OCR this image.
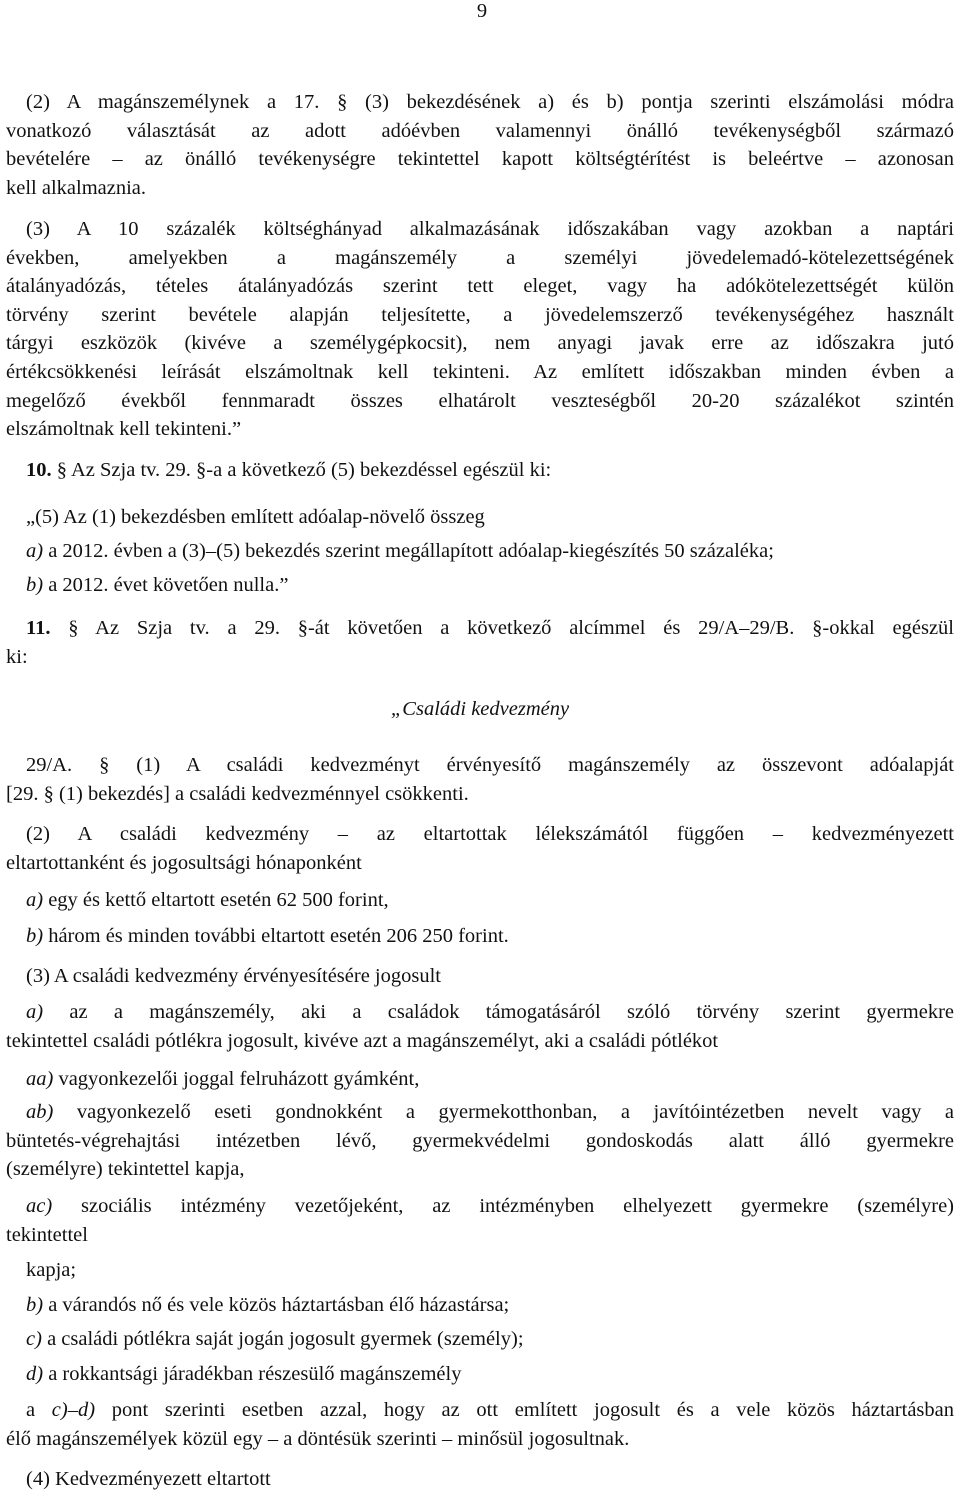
9
(2) A magánszemélynek a 17. § (3) bekezdésének a) és b) pontja szerinti elszámolási módra
vonatkozó választását az adott adóévben valamennyi önálló tevékenységből származó
bevételére – az önálló tevékenységre tekintettel kapott költségtérítést is beleértve – azonosan
kell alkalmaznia.
(3) A 10 százalék költséghányad alkalmazásának időszakában vagy azokban a naptári
években, amelyekben a magánszemély a személyi jövedelemadó-kötelezettségének
átalányadózás, tételes átalányadózás szerint tett eleget, vagy ha adókötelezettségét külön
törvény szerint bevétele alapján teljesítette, a jövedelemszerző tevékenységéhez használt
tárgyi eszközök (kivéve a személygépkocsit), nem anyagi javak erre az időszakra jutó
értékcsökkenési leírását elszámoltnak kell tekinteni. Az említett időszakban minden évben a
megelőző évekből fennmaradt összes elhatárolt veszteségből 20-20 százalékot szintén
elszámoltnak kell tekinteni.”
10. § Az Szja tv. 29. §-a a következő (5) bekezdéssel egészül ki:
„(5) Az (1) bekezdésben említett adóalap-növelő összeg
a) a 2012. évben a (3)–(5) bekezdés szerint megállapított adóalap-kiegészítés 50 százaléka;
b) a 2012. évet követően nulla.”
11. § Az Szja tv. a 29. §-át követően a következő alcímmel és 29/A–29/B. §-okkal egészül
ki:
„Családi kedvezmény
29/A. § (1) A családi kedvezményt érvényesítő magánszemély az összevont adóalapját
[29. § (1) bekezdés] a családi kedvezménnyel csökkenti.
(2) A családi kedvezmény – az eltartottak lélekszámától függően – kedvezményezett
eltartottanként és jogosultsági hónaponként
a) egy és kettő eltartott esetén 62 500 forint,
b) három és minden további eltartott esetén 206 250 forint.
(3) A családi kedvezmény érvényesítésére jogosult
a) az a magánszemély, aki a családok támogatásáról szóló törvény szerint gyermekre
tekintettel családi pótlékra jogosult, kivéve azt a magánszemélyt, aki a családi pótlékot
aa) vagyonkezelői joggal felruházott gyámként,
ab) vagyonkezelő eseti gondnokként a gyermekotthonban, a javítóintézetben nevelt vagy a
büntetés-végrehajtási intézetben lévő, gyermekvédelmi gondoskodás alatt álló gyermekre
(személyre) tekintettel kapja,
ac) szociális intézmény vezetőjeként, az intézményben elhelyezett gyermekre (személyre)
tekintettel
kapja;
b) a várandós nő és vele közös háztartásban élő házastársa;
c) a családi pótlékra saját jogán jogosult gyermek (személy);
d) a rokkantsági járadékban részesülő magánszemély
a c)–d) pont szerinti esetben azzal, hogy az ott említett jogosult és a vele közös háztartásban
élő magánszemélyek közül egy – a döntésük szerinti – minősül jogosultnak.
(4) Kedvezményezett eltartott
